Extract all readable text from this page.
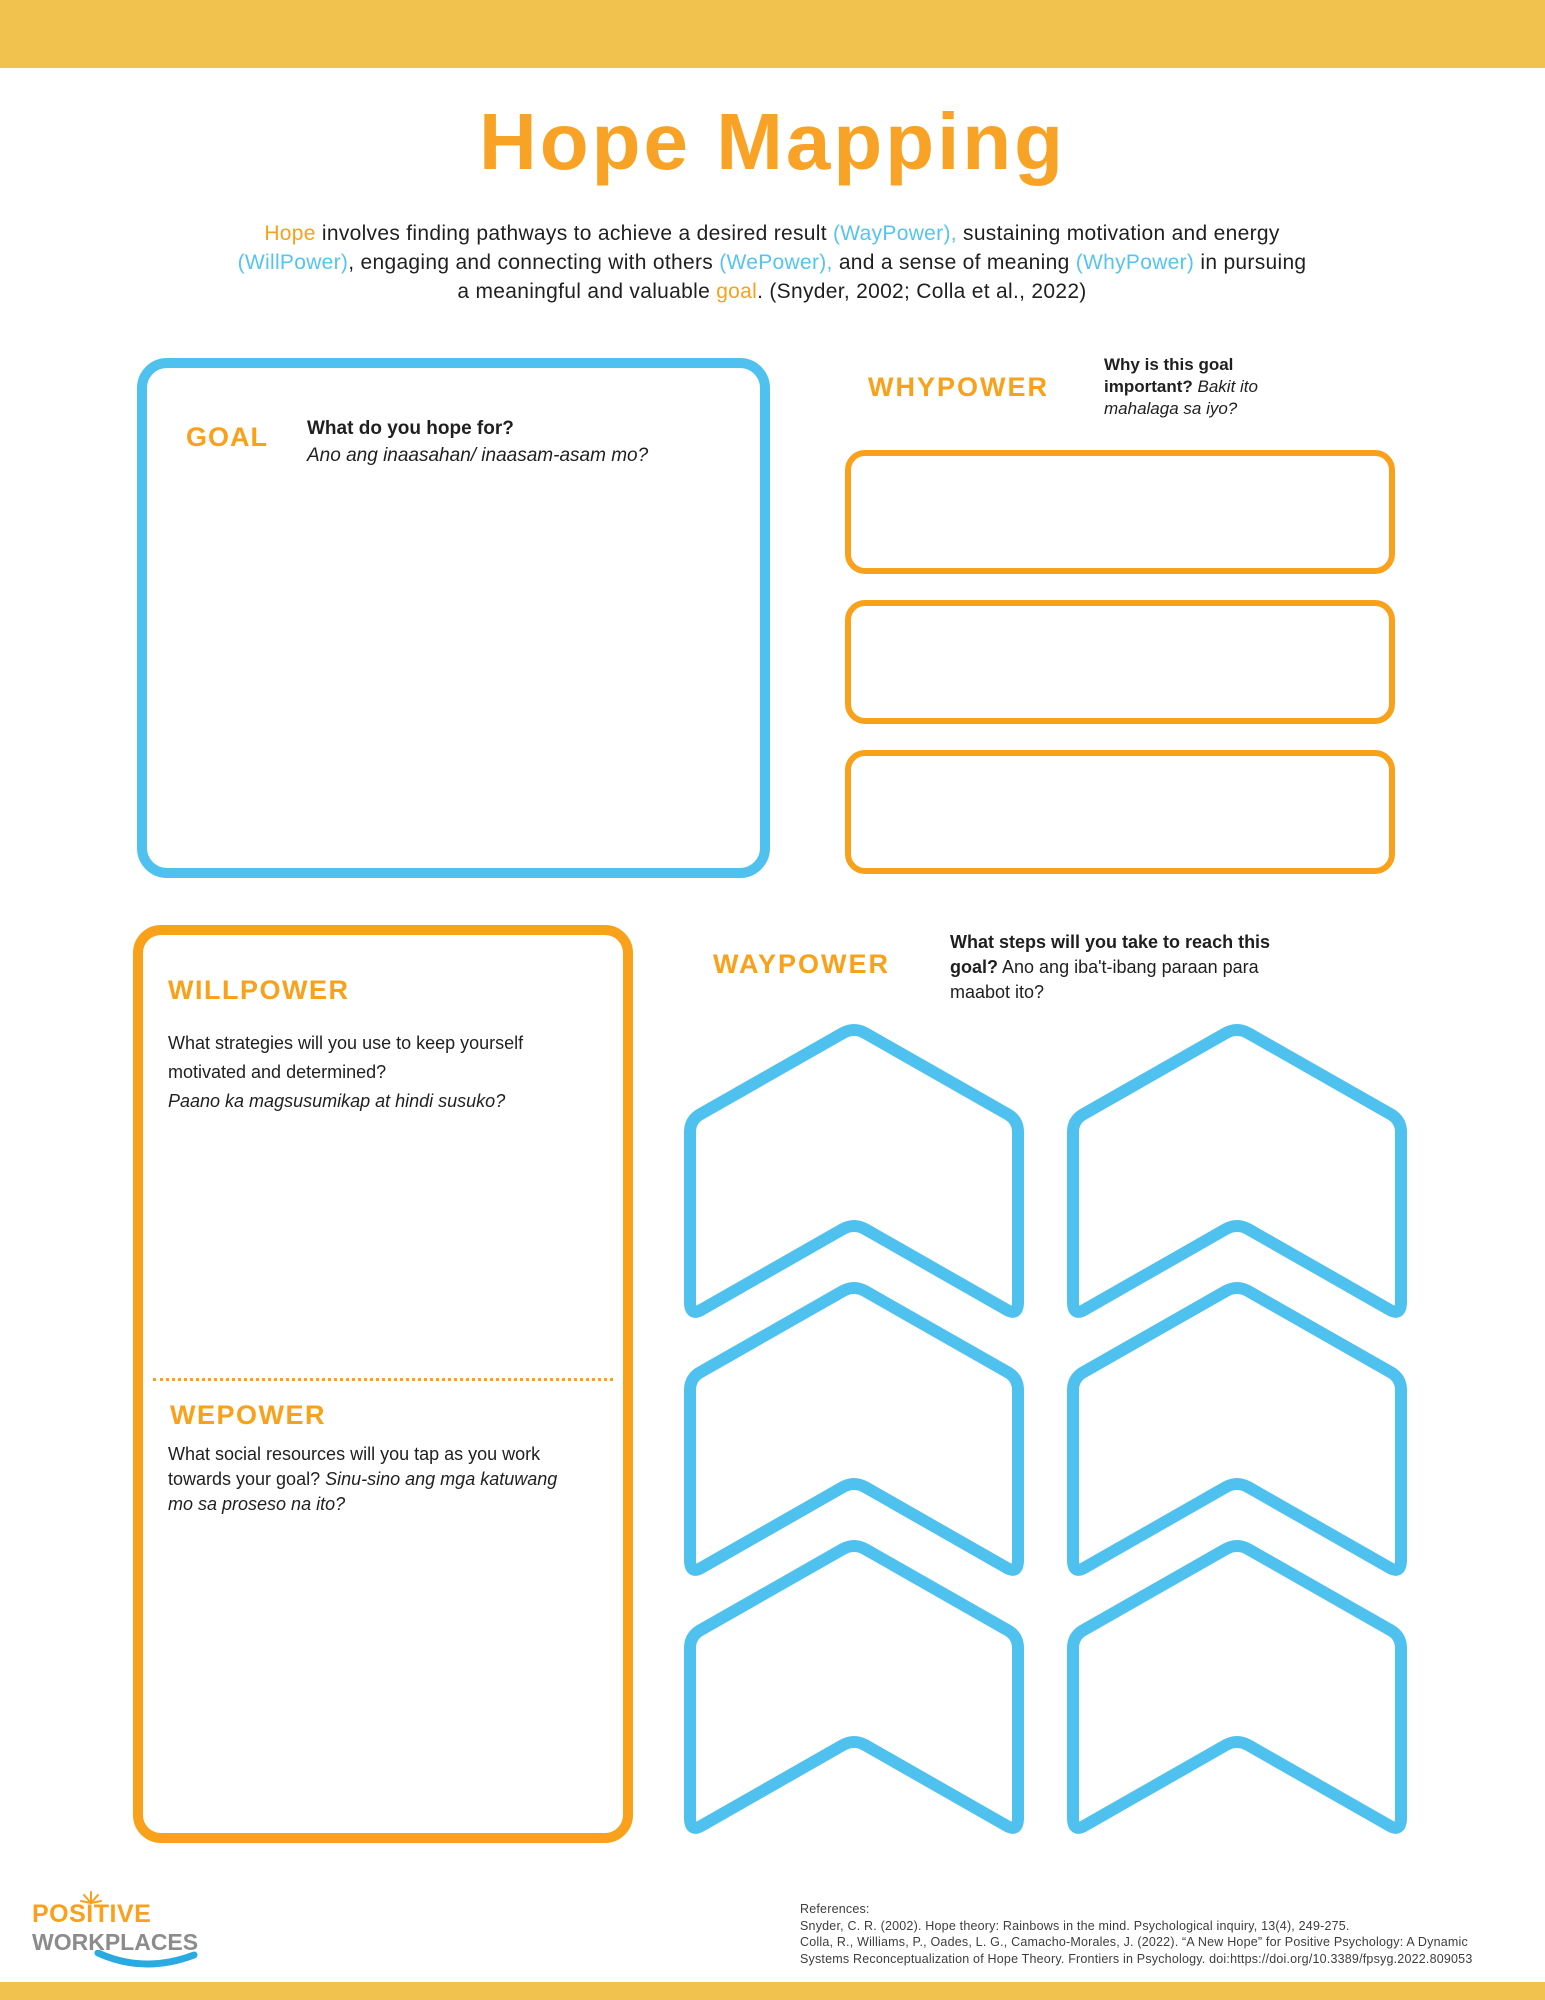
Hope Mapping
Hope involves finding pathways to achieve a desired result (WayPower), sustaining motivation and energy
(WillPower), engaging and connecting with others (WePower), and a sense of meaning (WhyPower) in pursuing
a meaningful and valuable goal. (Snyder, 2002; Colla et al., 2022)
GOAL What do you hope for?
Ano ang inaasahan/ inaasam-asam mo?
WHYPOWER
Why is this goal important? Bakit ito mahalaga sa iyo?
WILLPOWER
What strategies will you use to keep yourself motivated and determined?
Paano ka magsusumikap at hindi susuko?
WEPOWER
What social resources will you tap as you work towards your goal? Sinu-sino ang mga katuwang mo sa proseso na ito?
WAYPOWER
What steps will you take to reach this goal? Ano ang iba't-ibang paraan para maabot ito?

POSITIVE

WORKPLACES

References:
Snyder, C. R. (2002). Hope theory: Rainbows in the mind. Psychological inquiry, 13(4), 249-275.
Colla, R., Williams, P., Oades, L. G., Camacho-Morales, J. (2022). “A New Hope” for Positive Psychology: A Dynamic
Systems Reconceptualization of Hope Theory. Frontiers in Psychology. doi:https://doi.org/10.3389/fpsyg.2022.809053
